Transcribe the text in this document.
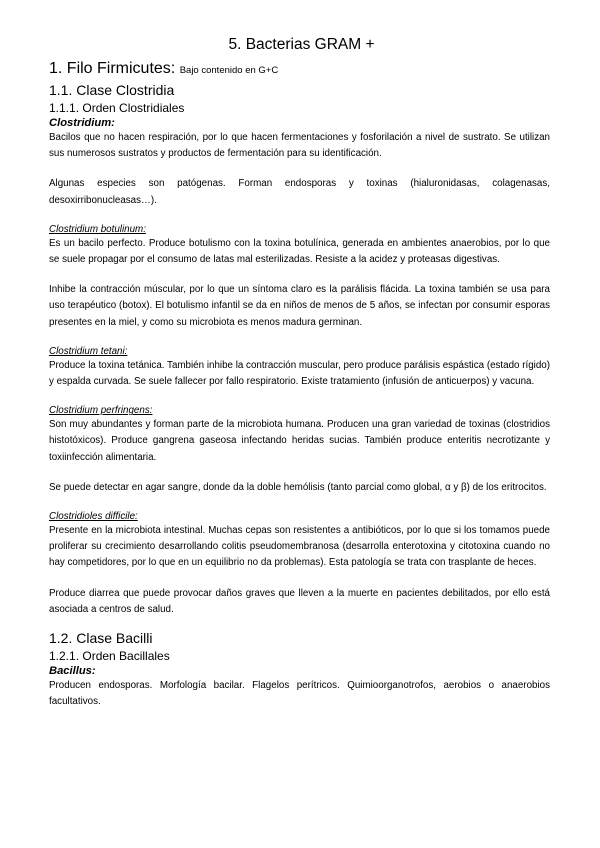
5. Bacterias GRAM +
1. Filo Firmicutes: Bajo contenido en G+C
1.1. Clase Clostridia
1.1.1. Orden Clostridiales
Clostridium:

Bacilos que no hacen respiración, por lo que hacen fermentaciones y fosforilación a nivel de sustrato. Se utilizan sus numerosos sustratos y productos de fermentación para su identificación.

Algunas especies son patógenas. Forman endosporas y toxinas (hialuronidasas, colagenasas, desoxirribonucleasas…).

Clostridium botulinum:

Es un bacilo perfecto. Produce botulismo con la toxina botulínica, generada en ambientes anaerobios, por lo que se suele propagar por el consumo de latas mal esterilizadas. Resiste a la acidez y proteasas digestivas.

Inhibe la contracción múscular, por lo que un síntoma claro es la parálisis flácida. La toxina también se usa para uso terapéutico (botox). El botulismo infantil se da en niños de menos de 5 años, se infectan por consumir esporas presentes en la miel, y como su microbiota es menos madura germinan.

Clostridium tetani:

Produce la toxina tetánica. También inhibe la contracción muscular, pero produce parálisis espástica (estado rígido) y espalda curvada. Se suele fallecer por fallo respiratorio. Existe tratamiento (infusión de anticuerpos) y vacuna.

Clostridium perfringens:

Son muy abundantes y forman parte de la microbiota humana. Producen una gran variedad de toxinas (clostridios histotóxicos). Produce gangrena gaseosa infectando heridas sucias. También produce enteritis necrotizante y toxiinfección alimentaria.

Se puede detectar en agar sangre, donde da la doble hemólisis (tanto parcial como global, α y β) de los eritrocitos.

Clostridioles difficile:

Presente en la microbiota intestinal. Muchas cepas son resistentes a antibióticos, por lo que si los tomamos puede proliferar su crecimiento desarrollando colitis pseudomembranosa (desarrolla enterotoxina y citotoxina cuando no hay competidores, por lo que en un equilibrio no da problemas). Esta patología se trata con trasplante de heces.

Produce diarrea que puede provocar daños graves que lleven a la muerte en pacientes debilitados, por ello está asociada a centros de salud.

1.2. Clase Bacilli
1.2.1. Orden Bacillales
Bacillus:

Producen endosporas. Morfología bacilar. Flagelos perítricos. Quimioorganotrofos, aerobios o anaerobios facultativos.
